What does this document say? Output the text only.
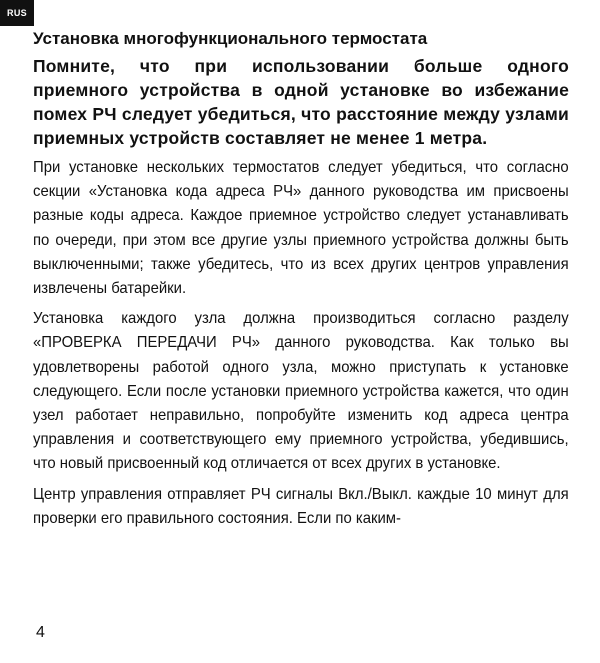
RUS
Установка многофункционального термостата

Помните, что при использовании больше одного приемного устройства в одной установке во избежание помех РЧ следует убедиться, что расстояние между узлами приемных устройств составляет не менее 1 метра.

При установке нескольких термостатов следует убедиться, что согласно секции «Установка кода адреса РЧ» данного руководства им присвоены разные коды адреса. Каждое приемное устройство следует устанавливать по очереди, при этом все другие узлы приемного устройства должны быть выключенными; также убедитесь, что из всех других центров управления извлечены батарейки.

Установка каждого узла должна производиться согласно разделу «ПРОВЕРКА ПЕРЕДАЧИ РЧ» данного руководства. Как только вы удовлетворены работой одного узла, можно приступать к установке следующего. Если после установки приемного устройства кажется, что один узел работает неправильно, попробуйте изменить код адреса центра управления и соответствующего ему приемного устройства, убедившись, что новый присвоенный код отличается от всех других в установке.

Центр управления отправляет РЧ сигналы Вкл./Выкл. каждые 10 минут для проверки его правильного состояния. Если по каким-

4
